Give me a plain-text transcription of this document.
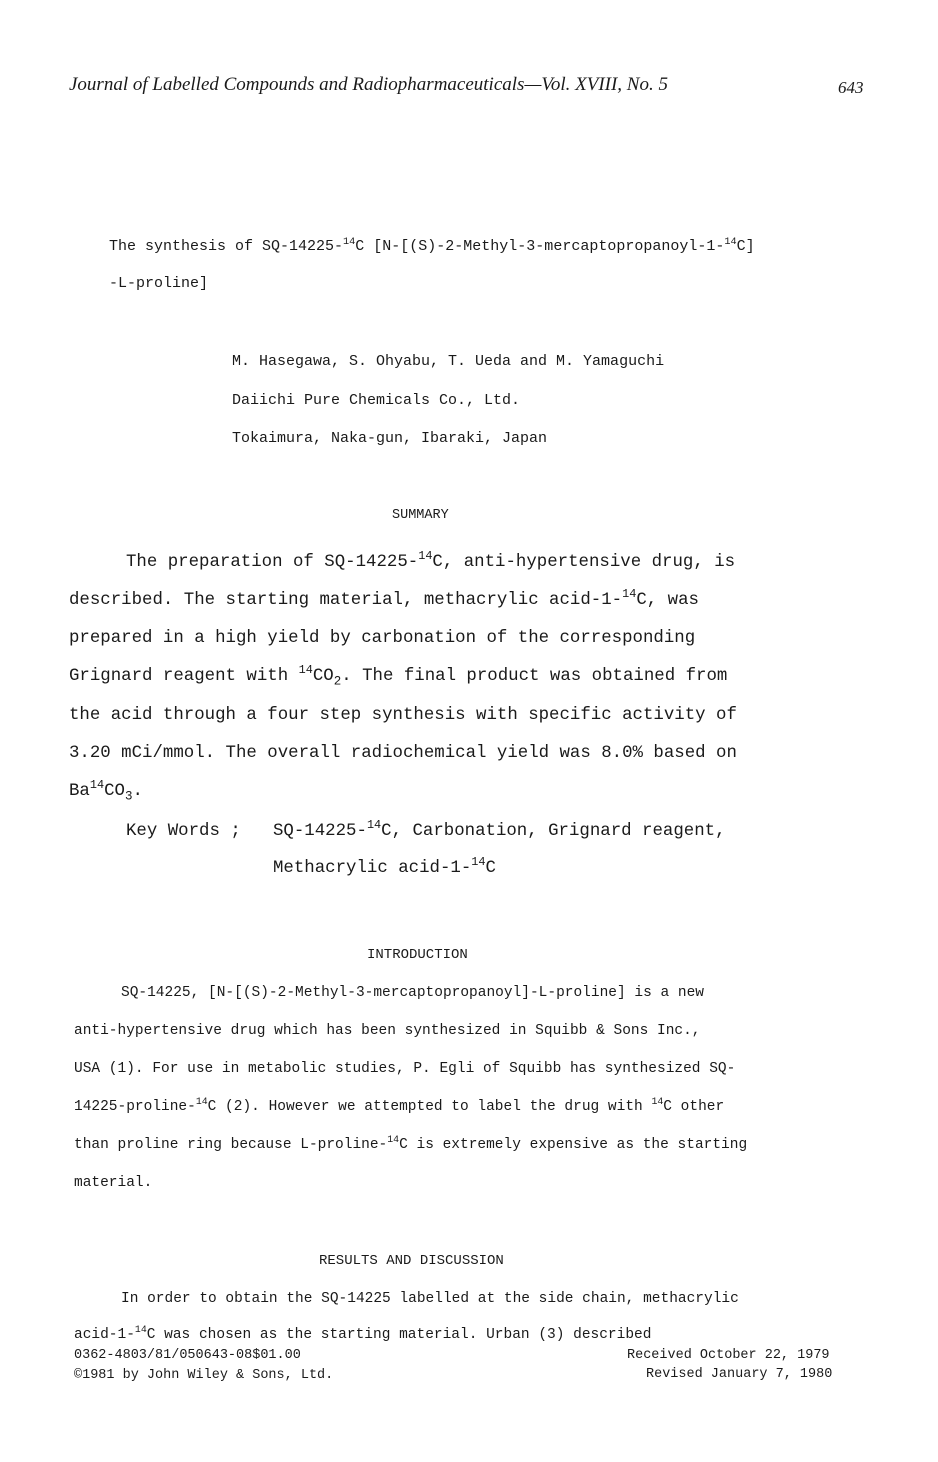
Journal of Labelled Compounds and Radiopharmaceuticals—Vol. XVIII, No. 5	643
The synthesis of SQ-14225-$^{14}$C [N-[(S)-2-Methyl-3-mercaptopropanoyl-1-$^{14}$C]
-L-proline]
M. Hasegawa, S. Ohyabu, T. Ueda and M. Yamaguchi
Daiichi Pure Chemicals Co., Ltd.
Tokaimura, Naka-gun, Ibaraki, Japan
SUMMARY
The preparation of SQ-14225-$^{14}$C, anti-hypertensive drug, is
described. The starting material, methacrylic acid-1-$^{14}$C, was
prepared in a high yield by carbonation of the corresponding
Grignard reagent with $^{14}CO_2$. The final product was obtained from
the acid through a four step synthesis with specific activity of
3.20 mCi/mmol. The overall radiochemical yield was 8.0% based on
$Ba^{14}CO_3$.
Key Words ; SQ-14225-$^{14}$C, Carbonation, Grignard reagent,
Methacrylic acid-1-$^{14}$C
INTRODUCTION
SQ-14225, [N-[(S)-2-Methyl-3-mercaptopropanoyl]-L-proline] is a new
anti-hypertensive drug which has been synthesized in Squibb & Sons Inc.,
USA (1). For use in metabolic studies, P. Egli of Squibb has synthesized SQ-
14225-proline-$^{14}$C (2). However we attempted to label the drug with $^{14}$C other
than proline ring because L-proline-$^{14}$C is extremely expensive as the starting
material.
RESULTS AND DISCUSSION
In order to obtain the SQ-14225 labelled at the side chain, methacrylic
acid-1-$^{14}$C was chosen as the starting material. Urban (3) described
0362-4803/81/050643-08$01.00
©1981 by John Wiley & Sons, Ltd.
Received October 22, 1979
Revised January 7, 1980
